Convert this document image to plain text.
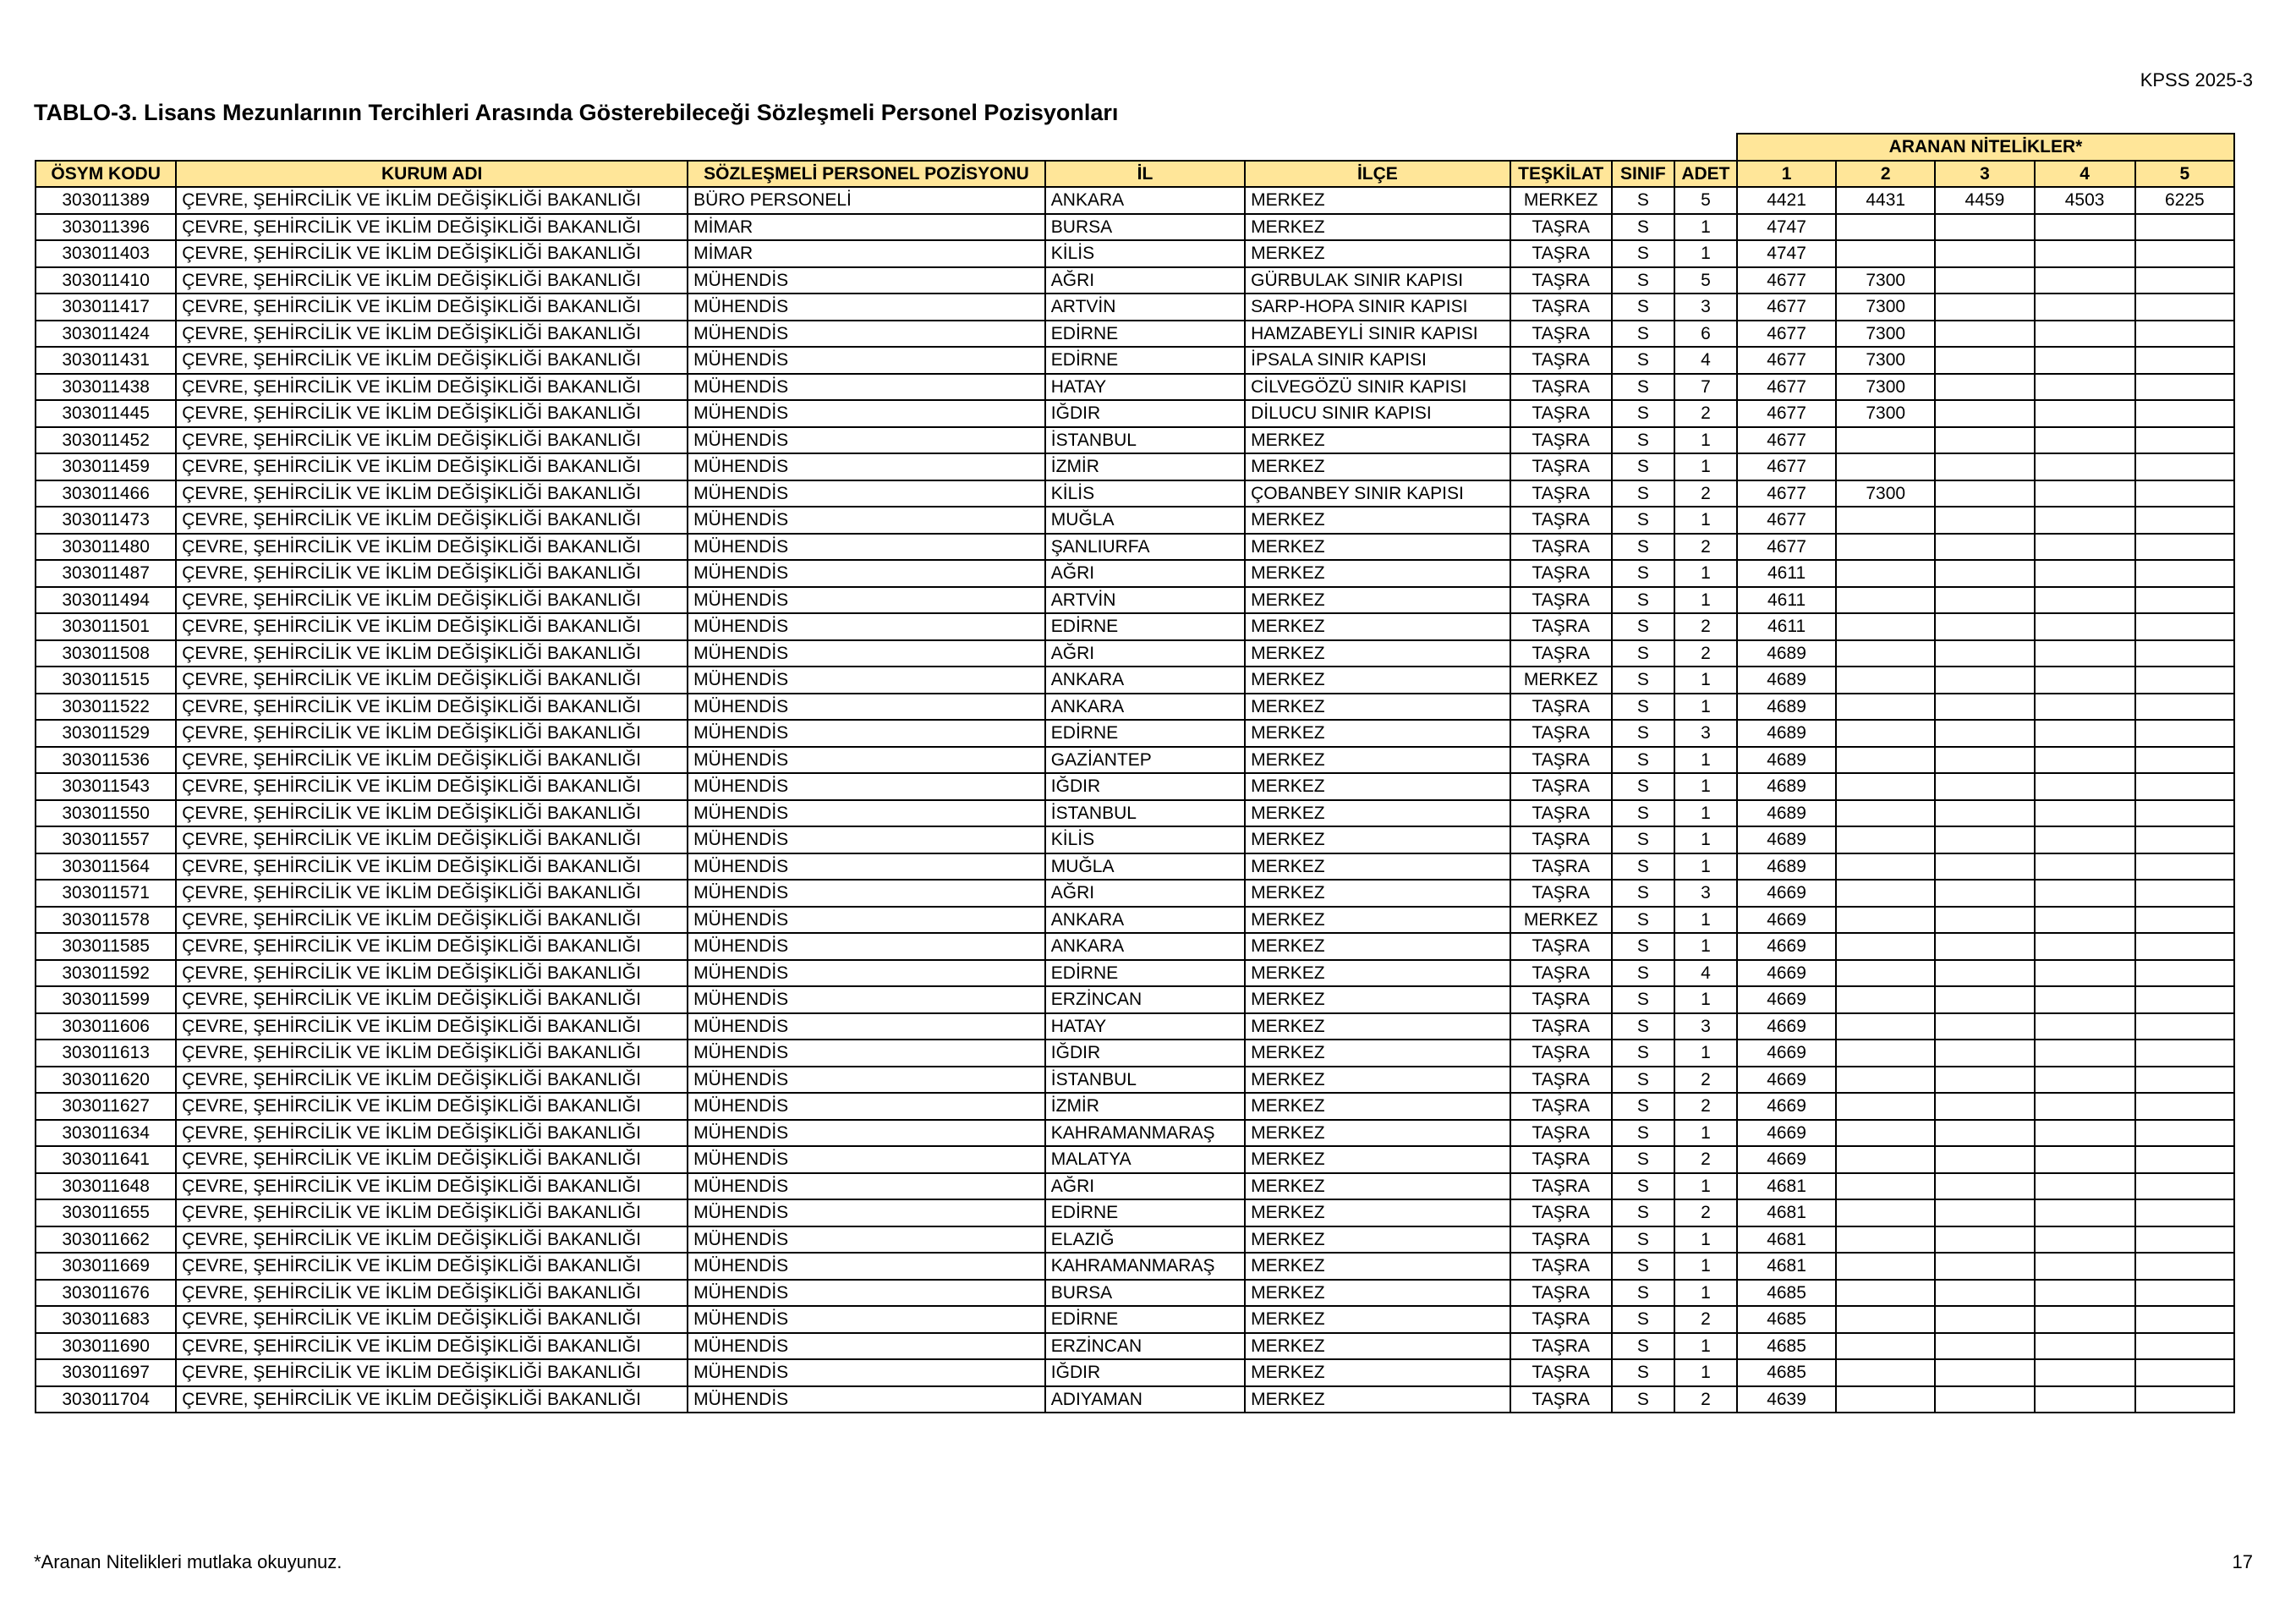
KPSS 2025-3
TABLO-3. Lisans Mezunlarının Tercihleri Arasında Gösterebileceği Sözleşmeli Personel Pozisyonları
								ARANAN NİTELİKLER*				
ÖSYM KODU	KURUM ADI	SÖZLEŞMELİ PERSONEL POZİSYONU	İL	İLÇE	TEŞKİLAT	SINIF	ADET	1	2	3	4	5
303011389	ÇEVRE, ŞEHİRCİLİK VE İKLİM DEĞİŞİKLİĞİ BAKANLIĞI	BÜRO PERSONELİ	ANKARA	MERKEZ	MERKEZ	S	5	4421	4431	4459	4503	6225
303011396	ÇEVRE, ŞEHİRCİLİK VE İKLİM DEĞİŞİKLİĞİ BAKANLIĞI	MİMAR	BURSA	MERKEZ	TAŞRA	S	1	4747				
303011403	ÇEVRE, ŞEHİRCİLİK VE İKLİM DEĞİŞİKLİĞİ BAKANLIĞI	MİMAR	KİLİS	MERKEZ	TAŞRA	S	1	4747				
303011410	ÇEVRE, ŞEHİRCİLİK VE İKLİM DEĞİŞİKLİĞİ BAKANLIĞI	MÜHENDİS	AĞRI	GÜRBULAK SINIR KAPISI	TAŞRA	S	5	4677	7300			
303011417	ÇEVRE, ŞEHİRCİLİK VE İKLİM DEĞİŞİKLİĞİ BAKANLIĞI	MÜHENDİS	ARTVİN	SARP-HOPA SINIR KAPISI	TAŞRA	S	3	4677	7300			
303011424	ÇEVRE, ŞEHİRCİLİK VE İKLİM DEĞİŞİKLİĞİ BAKANLIĞI	MÜHENDİS	EDİRNE	HAMZABEYLİ SINIR KAPISI	TAŞRA	S	6	4677	7300			
303011431	ÇEVRE, ŞEHİRCİLİK VE İKLİM DEĞİŞİKLİĞİ BAKANLIĞI	MÜHENDİS	EDİRNE	İPSALA SINIR KAPISI	TAŞRA	S	4	4677	7300			
303011438	ÇEVRE, ŞEHİRCİLİK VE İKLİM DEĞİŞİKLİĞİ BAKANLIĞI	MÜHENDİS	HATAY	CİLVEGÖZÜ SINIR KAPISI	TAŞRA	S	7	4677	7300			
303011445	ÇEVRE, ŞEHİRCİLİK VE İKLİM DEĞİŞİKLİĞİ BAKANLIĞI	MÜHENDİS	IĞDIR	DİLUCU SINIR KAPISI	TAŞRA	S	2	4677	7300			
303011452	ÇEVRE, ŞEHİRCİLİK VE İKLİM DEĞİŞİKLİĞİ BAKANLIĞI	MÜHENDİS	İSTANBUL	MERKEZ	TAŞRA	S	1	4677				
303011459	ÇEVRE, ŞEHİRCİLİK VE İKLİM DEĞİŞİKLİĞİ BAKANLIĞI	MÜHENDİS	İZMİR	MERKEZ	TAŞRA	S	1	4677				
303011466	ÇEVRE, ŞEHİRCİLİK VE İKLİM DEĞİŞİKLİĞİ BAKANLIĞI	MÜHENDİS	KİLİS	ÇOBANBEY SINIR KAPISI	TAŞRA	S	2	4677	7300			
303011473	ÇEVRE, ŞEHİRCİLİK VE İKLİM DEĞİŞİKLİĞİ BAKANLIĞI	MÜHENDİS	MUĞLA	MERKEZ	TAŞRA	S	1	4677				
303011480	ÇEVRE, ŞEHİRCİLİK VE İKLİM DEĞİŞİKLİĞİ BAKANLIĞI	MÜHENDİS	ŞANLIURFA	MERKEZ	TAŞRA	S	2	4677				
303011487	ÇEVRE, ŞEHİRCİLİK VE İKLİM DEĞİŞİKLİĞİ BAKANLIĞI	MÜHENDİS	AĞRI	MERKEZ	TAŞRA	S	1	4611				
303011494	ÇEVRE, ŞEHİRCİLİK VE İKLİM DEĞİŞİKLİĞİ BAKANLIĞI	MÜHENDİS	ARTVİN	MERKEZ	TAŞRA	S	1	4611				
303011501	ÇEVRE, ŞEHİRCİLİK VE İKLİM DEĞİŞİKLİĞİ BAKANLIĞI	MÜHENDİS	EDİRNE	MERKEZ	TAŞRA	S	2	4611				
303011508	ÇEVRE, ŞEHİRCİLİK VE İKLİM DEĞİŞİKLİĞİ BAKANLIĞI	MÜHENDİS	AĞRI	MERKEZ	TAŞRA	S	2	4689				
303011515	ÇEVRE, ŞEHİRCİLİK VE İKLİM DEĞİŞİKLİĞİ BAKANLIĞI	MÜHENDİS	ANKARA	MERKEZ	MERKEZ	S	1	4689				
303011522	ÇEVRE, ŞEHİRCİLİK VE İKLİM DEĞİŞİKLİĞİ BAKANLIĞI	MÜHENDİS	ANKARA	MERKEZ	TAŞRA	S	1	4689				
303011529	ÇEVRE, ŞEHİRCİLİK VE İKLİM DEĞİŞİKLİĞİ BAKANLIĞI	MÜHENDİS	EDİRNE	MERKEZ	TAŞRA	S	3	4689				
303011536	ÇEVRE, ŞEHİRCİLİK VE İKLİM DEĞİŞİKLİĞİ BAKANLIĞI	MÜHENDİS	GAZİANTEP	MERKEZ	TAŞRA	S	1	4689				
303011543	ÇEVRE, ŞEHİRCİLİK VE İKLİM DEĞİŞİKLİĞİ BAKANLIĞI	MÜHENDİS	IĞDIR	MERKEZ	TAŞRA	S	1	4689				
303011550	ÇEVRE, ŞEHİRCİLİK VE İKLİM DEĞİŞİKLİĞİ BAKANLIĞI	MÜHENDİS	İSTANBUL	MERKEZ	TAŞRA	S	1	4689				
303011557	ÇEVRE, ŞEHİRCİLİK VE İKLİM DEĞİŞİKLİĞİ BAKANLIĞI	MÜHENDİS	KİLİS	MERKEZ	TAŞRA	S	1	4689				
303011564	ÇEVRE, ŞEHİRCİLİK VE İKLİM DEĞİŞİKLİĞİ BAKANLIĞI	MÜHENDİS	MUĞLA	MERKEZ	TAŞRA	S	1	4689				
303011571	ÇEVRE, ŞEHİRCİLİK VE İKLİM DEĞİŞİKLİĞİ BAKANLIĞI	MÜHENDİS	AĞRI	MERKEZ	TAŞRA	S	3	4669				
303011578	ÇEVRE, ŞEHİRCİLİK VE İKLİM DEĞİŞİKLİĞİ BAKANLIĞI	MÜHENDİS	ANKARA	MERKEZ	MERKEZ	S	1	4669				
303011585	ÇEVRE, ŞEHİRCİLİK VE İKLİM DEĞİŞİKLİĞİ BAKANLIĞI	MÜHENDİS	ANKARA	MERKEZ	TAŞRA	S	1	4669				
303011592	ÇEVRE, ŞEHİRCİLİK VE İKLİM DEĞİŞİKLİĞİ BAKANLIĞI	MÜHENDİS	EDİRNE	MERKEZ	TAŞRA	S	4	4669				
303011599	ÇEVRE, ŞEHİRCİLİK VE İKLİM DEĞİŞİKLİĞİ BAKANLIĞI	MÜHENDİS	ERZİNCAN	MERKEZ	TAŞRA	S	1	4669				
303011606	ÇEVRE, ŞEHİRCİLİK VE İKLİM DEĞİŞİKLİĞİ BAKANLIĞI	MÜHENDİS	HATAY	MERKEZ	TAŞRA	S	3	4669				
303011613	ÇEVRE, ŞEHİRCİLİK VE İKLİM DEĞİŞİKLİĞİ BAKANLIĞI	MÜHENDİS	IĞDIR	MERKEZ	TAŞRA	S	1	4669				
303011620	ÇEVRE, ŞEHİRCİLİK VE İKLİM DEĞİŞİKLİĞİ BAKANLIĞI	MÜHENDİS	İSTANBUL	MERKEZ	TAŞRA	S	2	4669				
303011627	ÇEVRE, ŞEHİRCİLİK VE İKLİM DEĞİŞİKLİĞİ BAKANLIĞI	MÜHENDİS	İZMİR	MERKEZ	TAŞRA	S	2	4669				
303011634	ÇEVRE, ŞEHİRCİLİK VE İKLİM DEĞİŞİKLİĞİ BAKANLIĞI	MÜHENDİS	KAHRAMANMARAŞ	MERKEZ	TAŞRA	S	1	4669				
303011641	ÇEVRE, ŞEHİRCİLİK VE İKLİM DEĞİŞİKLİĞİ BAKANLIĞI	MÜHENDİS	MALATYA	MERKEZ	TAŞRA	S	2	4669				
303011648	ÇEVRE, ŞEHİRCİLİK VE İKLİM DEĞİŞİKLİĞİ BAKANLIĞI	MÜHENDİS	AĞRI	MERKEZ	TAŞRA	S	1	4681				
303011655	ÇEVRE, ŞEHİRCİLİK VE İKLİM DEĞİŞİKLİĞİ BAKANLIĞI	MÜHENDİS	EDİRNE	MERKEZ	TAŞRA	S	2	4681				
303011662	ÇEVRE, ŞEHİRCİLİK VE İKLİM DEĞİŞİKLİĞİ BAKANLIĞI	MÜHENDİS	ELAZIĞ	MERKEZ	TAŞRA	S	1	4681				
303011669	ÇEVRE, ŞEHİRCİLİK VE İKLİM DEĞİŞİKLİĞİ BAKANLIĞI	MÜHENDİS	KAHRAMANMARAŞ	MERKEZ	TAŞRA	S	1	4681				
303011676	ÇEVRE, ŞEHİRCİLİK VE İKLİM DEĞİŞİKLİĞİ BAKANLIĞI	MÜHENDİS	BURSA	MERKEZ	TAŞRA	S	1	4685				
303011683	ÇEVRE, ŞEHİRCİLİK VE İKLİM DEĞİŞİKLİĞİ BAKANLIĞI	MÜHENDİS	EDİRNE	MERKEZ	TAŞRA	S	2	4685				
303011690	ÇEVRE, ŞEHİRCİLİK VE İKLİM DEĞİŞİKLİĞİ BAKANLIĞI	MÜHENDİS	ERZİNCAN	MERKEZ	TAŞRA	S	1	4685				
303011697	ÇEVRE, ŞEHİRCİLİK VE İKLİM DEĞİŞİKLİĞİ BAKANLIĞI	MÜHENDİS	IĞDIR	MERKEZ	TAŞRA	S	1	4685				
303011704	ÇEVRE, ŞEHİRCİLİK VE İKLİM DEĞİŞİKLİĞİ BAKANLIĞI	MÜHENDİS	ADIYAMAN	MERKEZ	TAŞRA	S	2	4639				
*Aranan Nitelikleri mutlaka okuyunuz.	17
